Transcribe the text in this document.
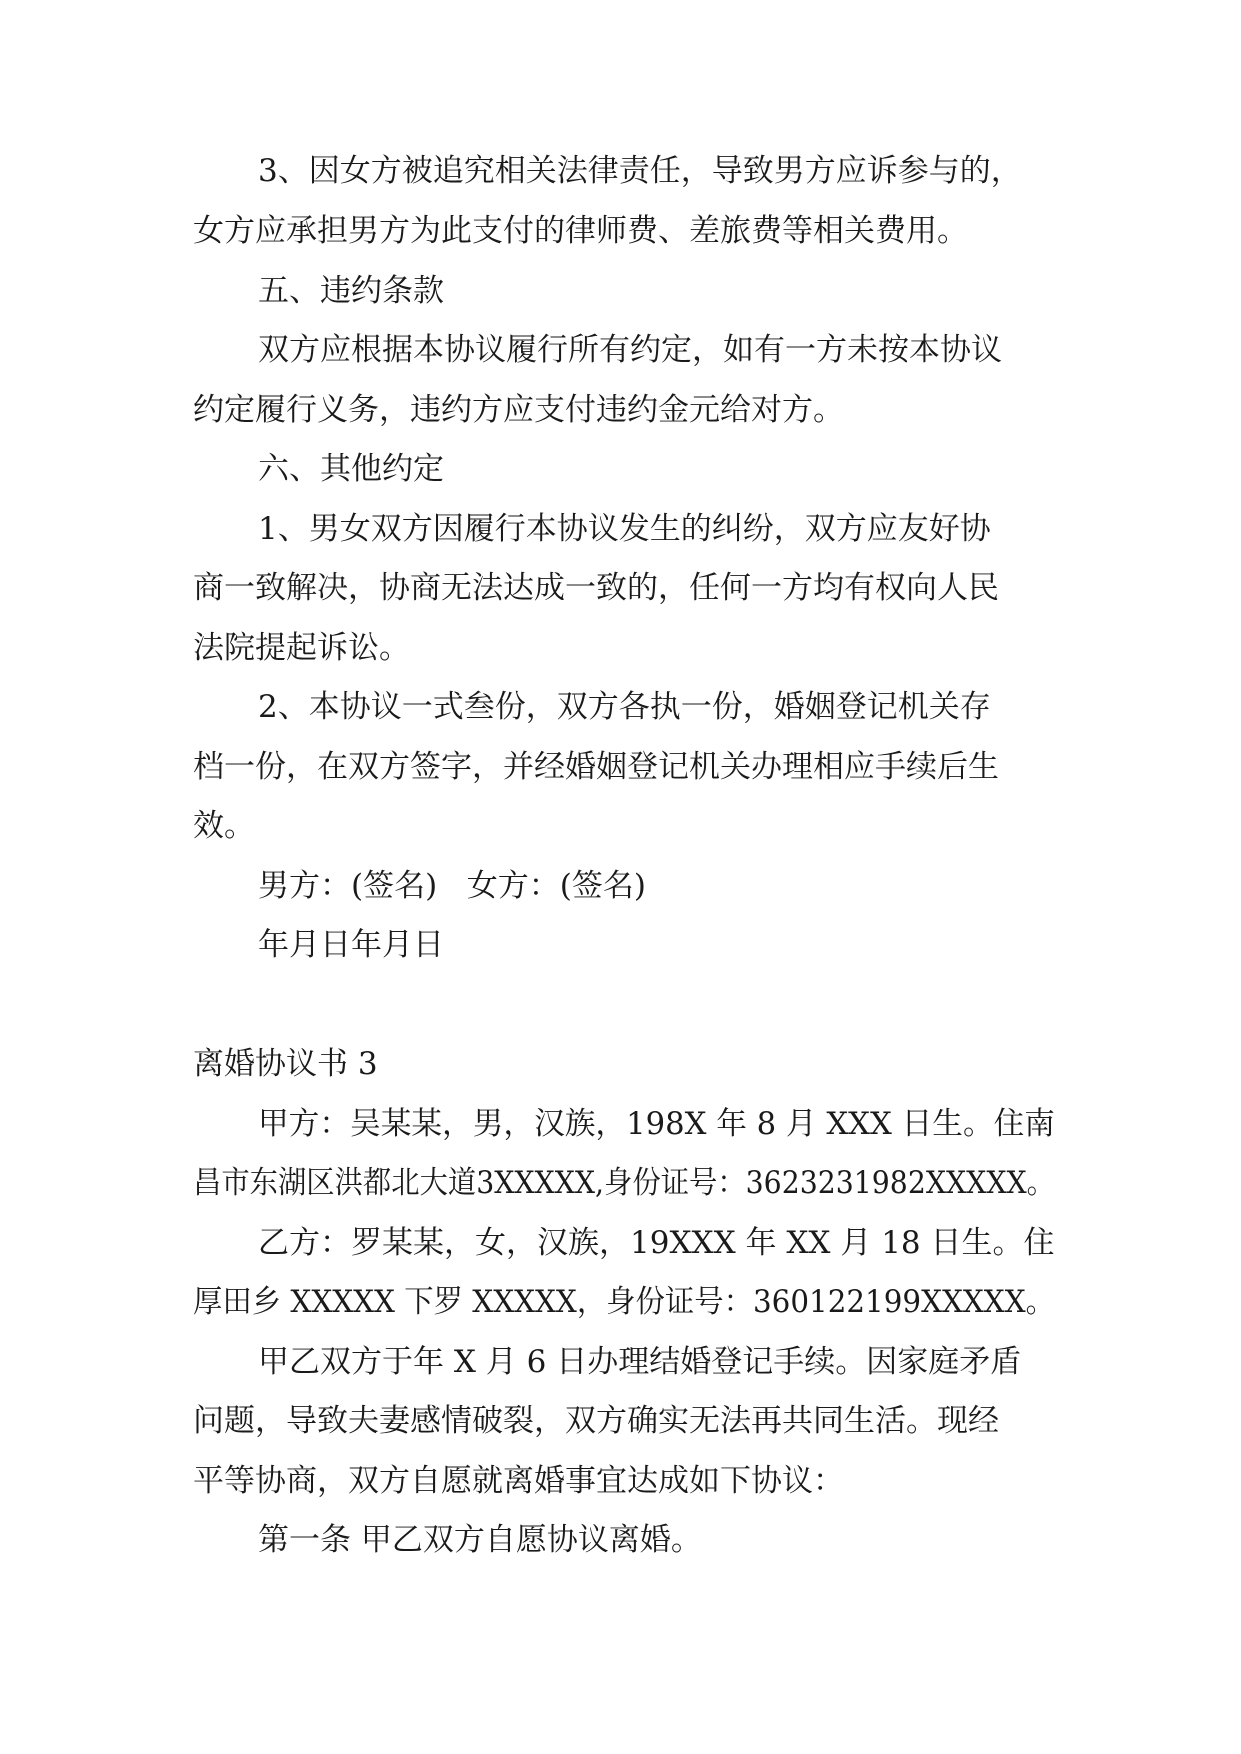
3、因女方被追究相关法律责任，导致男方应诉参与的，

女方应承担男方为此支付的律师费、差旅费等相关费用。

五、违约条款

双方应根据本协议履行所有约定，如有一方未按本协议

约定履行义务，违约方应支付违约金元给对方。

六、其他约定

1、男女双方因履行本协议发生的纠纷，双方应友好协

商一致解决，协商无法达成一致的，任何一方均有权向人民

法院提起诉讼。

2、本协议一式叁份，双方各执一份，婚姻登记机关存

档一份，在双方签字，并经婚姻登记机关办理相应手续后生

效。

男方：(签名)   女方：(签名)

年月日年月日

离婚协议书 3

甲方：吴某某，男，汉族，198X 年 8 月 XXX 日生。住南

昌市东湖区洪都北大道3XXXXX,身份证号：3623231982XXXXX。

乙方：罗某某，女，汉族，19XXX 年 XX 月 18 日生。住

厚田乡 XXXXX 下罗 XXXXX，身份证号：360122199XXXXX。

甲乙双方于年 X 月 6 日办理结婚登记手续。因家庭矛盾

问题，导致夫妻感情破裂，双方确实无法再共同生活。现经

平等协商，双方自愿就离婚事宜达成如下协议：

第一条 甲乙双方自愿协议离婚。
